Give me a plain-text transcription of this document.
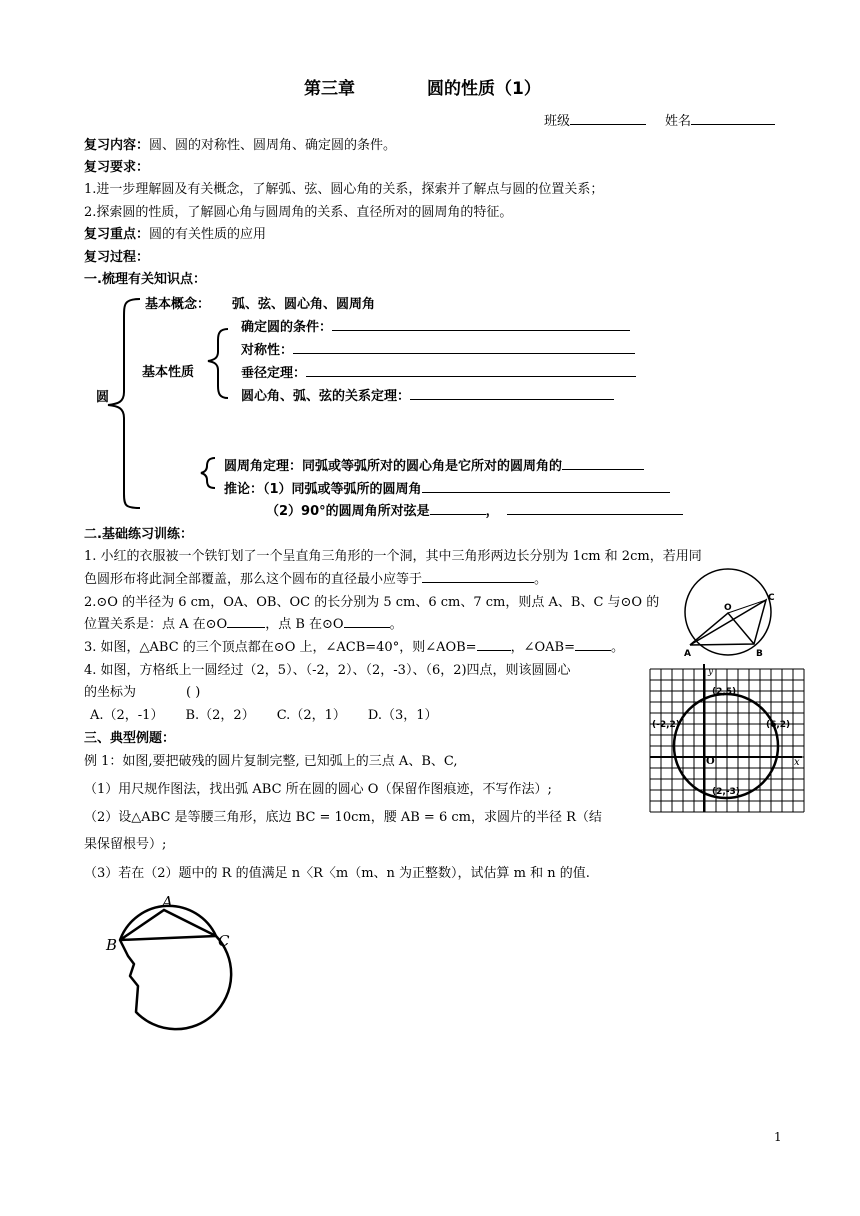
第三章	圆的性质（1）
班级	姓名
复习内容：圆、圆的对称性、圆周角、确定圆的条件。
复习要求：
1.进一步理解圆及有关概念，了解弧、弦、圆心角的关系，探索并了解点与圆的位置关系；
2.探索圆的性质，了解圆心角与圆周角的关系、直径所对的圆周角的特征。
复习重点：圆的有关性质的应用
复习过程：
一.梳理有关知识点：
圆
基本概念： 弧、弦、圆心角、圆周角
基本性质
确定圆的条件：
对称性：
垂径定理：
圆心角、弧、弦的关系定理：
圆周角定理：同弧或等弧所对的圆心角是它所对的圆周角的
推论：（1）同弧或等弧所的圆周角
（2）90°的圆周角所对弦是	，
二.基础练习训练：
1. 小红的衣服被一个铁钉划了一个呈直角三角形的一个洞，其中三角形两边长分别为 1cm 和 2cm，若用同
色圆形布将此洞全部覆盖，那么这个圆布的直径最小应等于	。
2.⊙O 的半径为 6 cm，OA、OB、OC 的长分别为 5 cm、6 cm、7 cm，则点 A、B、C 与⊙O 的
位置关系是：点 A 在⊙O	，点 B 在⊙O	。
3. 如图，△ABC 的三个顶点都在⊙O 上，∠ACB=40°，则∠AOB=	，∠OAB=	。
4. 如图，方格纸上一圆经过（2，5）、（-2，2）、（2，-3）、（6，2)四点，则该圆圆心
的坐标为	( )
A.（2，-1） B.（2，2） C.（2，1） D.（3，1）
O
A	B
C
y
x
O
(2,5)
(-2,2)	(6,2)
(2,-3)
三、典型例题：
例 1：如图,要把破残的圆片复制完整, 已知弧上的三点 A、B、C,
（1）用尺规作图法，找出弧 ABC 所在圆的圆心 O（保留作图痕迹，不写作法）;
（2）设△ABC 是等腰三角形，底边 BC = 10cm，腰 AB = 6 cm，求圆片的半径 R（结
果保留根号）;
（3）若在（2）题中的 R 的值满足 n〈R〈m（m、n 为正整数），试估算 m 和 n 的值.
A
B	C
1
